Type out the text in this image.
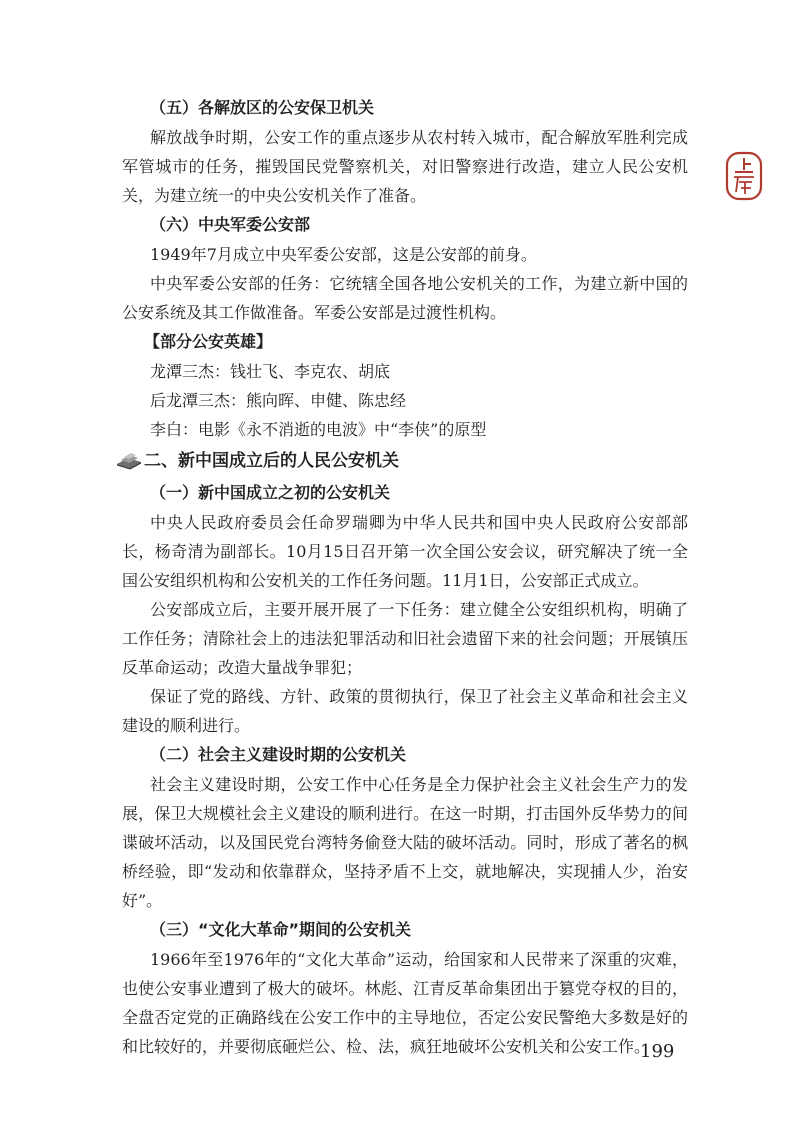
（五）各解放区的公安保卫机关

解放战争时期，公安工作的重点逐步从农村转入城市，配合解放军胜利完成军管城市的任务，摧毁国民党警察机关，对旧警察进行改造，建立人民公安机关，为建立统一的中央公安机关作了准备。

（六）中央军委公安部

1949年7月成立中央军委公安部，这是公安部的前身。

中央军委公安部的任务：它统辖全国各地公安机关的工作，为建立新中国的公安系统及其工作做准备。军委公安部是过渡性机构。

【部分公安英雄】
龙潭三杰：钱壮飞、李克农、胡底
后龙潭三杰：熊向晖、申健、陈忠经
李白：电影《永不消逝的电波》中“李侠”的原型
二、新中国成立后的人民公安机关
（一）新中国成立之初的公安机关

中央人民政府委员会任命罗瑞卿为中华人民共和国中央人民政府公安部部长，杨奇清为副部长。10月15日召开第一次全国公安会议，研究解决了统一全国公安组织机构和公安机关的工作任务问题。11月1日，公安部正式成立。

公安部成立后，主要开展开展了一下任务：建立健全公安组织机构，明确了工作任务；清除社会上的违法犯罪活动和旧社会遗留下来的社会问题；开展镇压反革命运动；改造大量战争罪犯；

保证了党的路线、方针、政策的贯彻执行，保卫了社会主义革命和社会主义建设的顺利进行。

（二）社会主义建设时期的公安机关

社会主义建设时期，公安工作中心任务是全力保护社会主义社会生产力的发展，保卫大规模社会主义建设的顺利进行。在这一时期，打击国外反华势力的间谍破坏活动，以及国民党台湾特务偷登大陆的破坏活动。同时，形成了著名的枫桥经验，即“发动和依靠群众，坚持矛盾不上交，就地解决，实现捕人少，治安好”。

（三）“文化大革命”期间的公安机关

1966年至1976年的“文化大革命”运动，给国家和人民带来了深重的灾难，也使公安事业遭到了极大的破坏。林彪、江青反革命集团出于篡党夺权的目的，全盘否定党的正确路线在公安工作中的主导地位，否定公安民警绝大多数是好的和比较好的，并要彻底砸烂公、检、法，疯狂地破坏公安机关和公安工作。

199
